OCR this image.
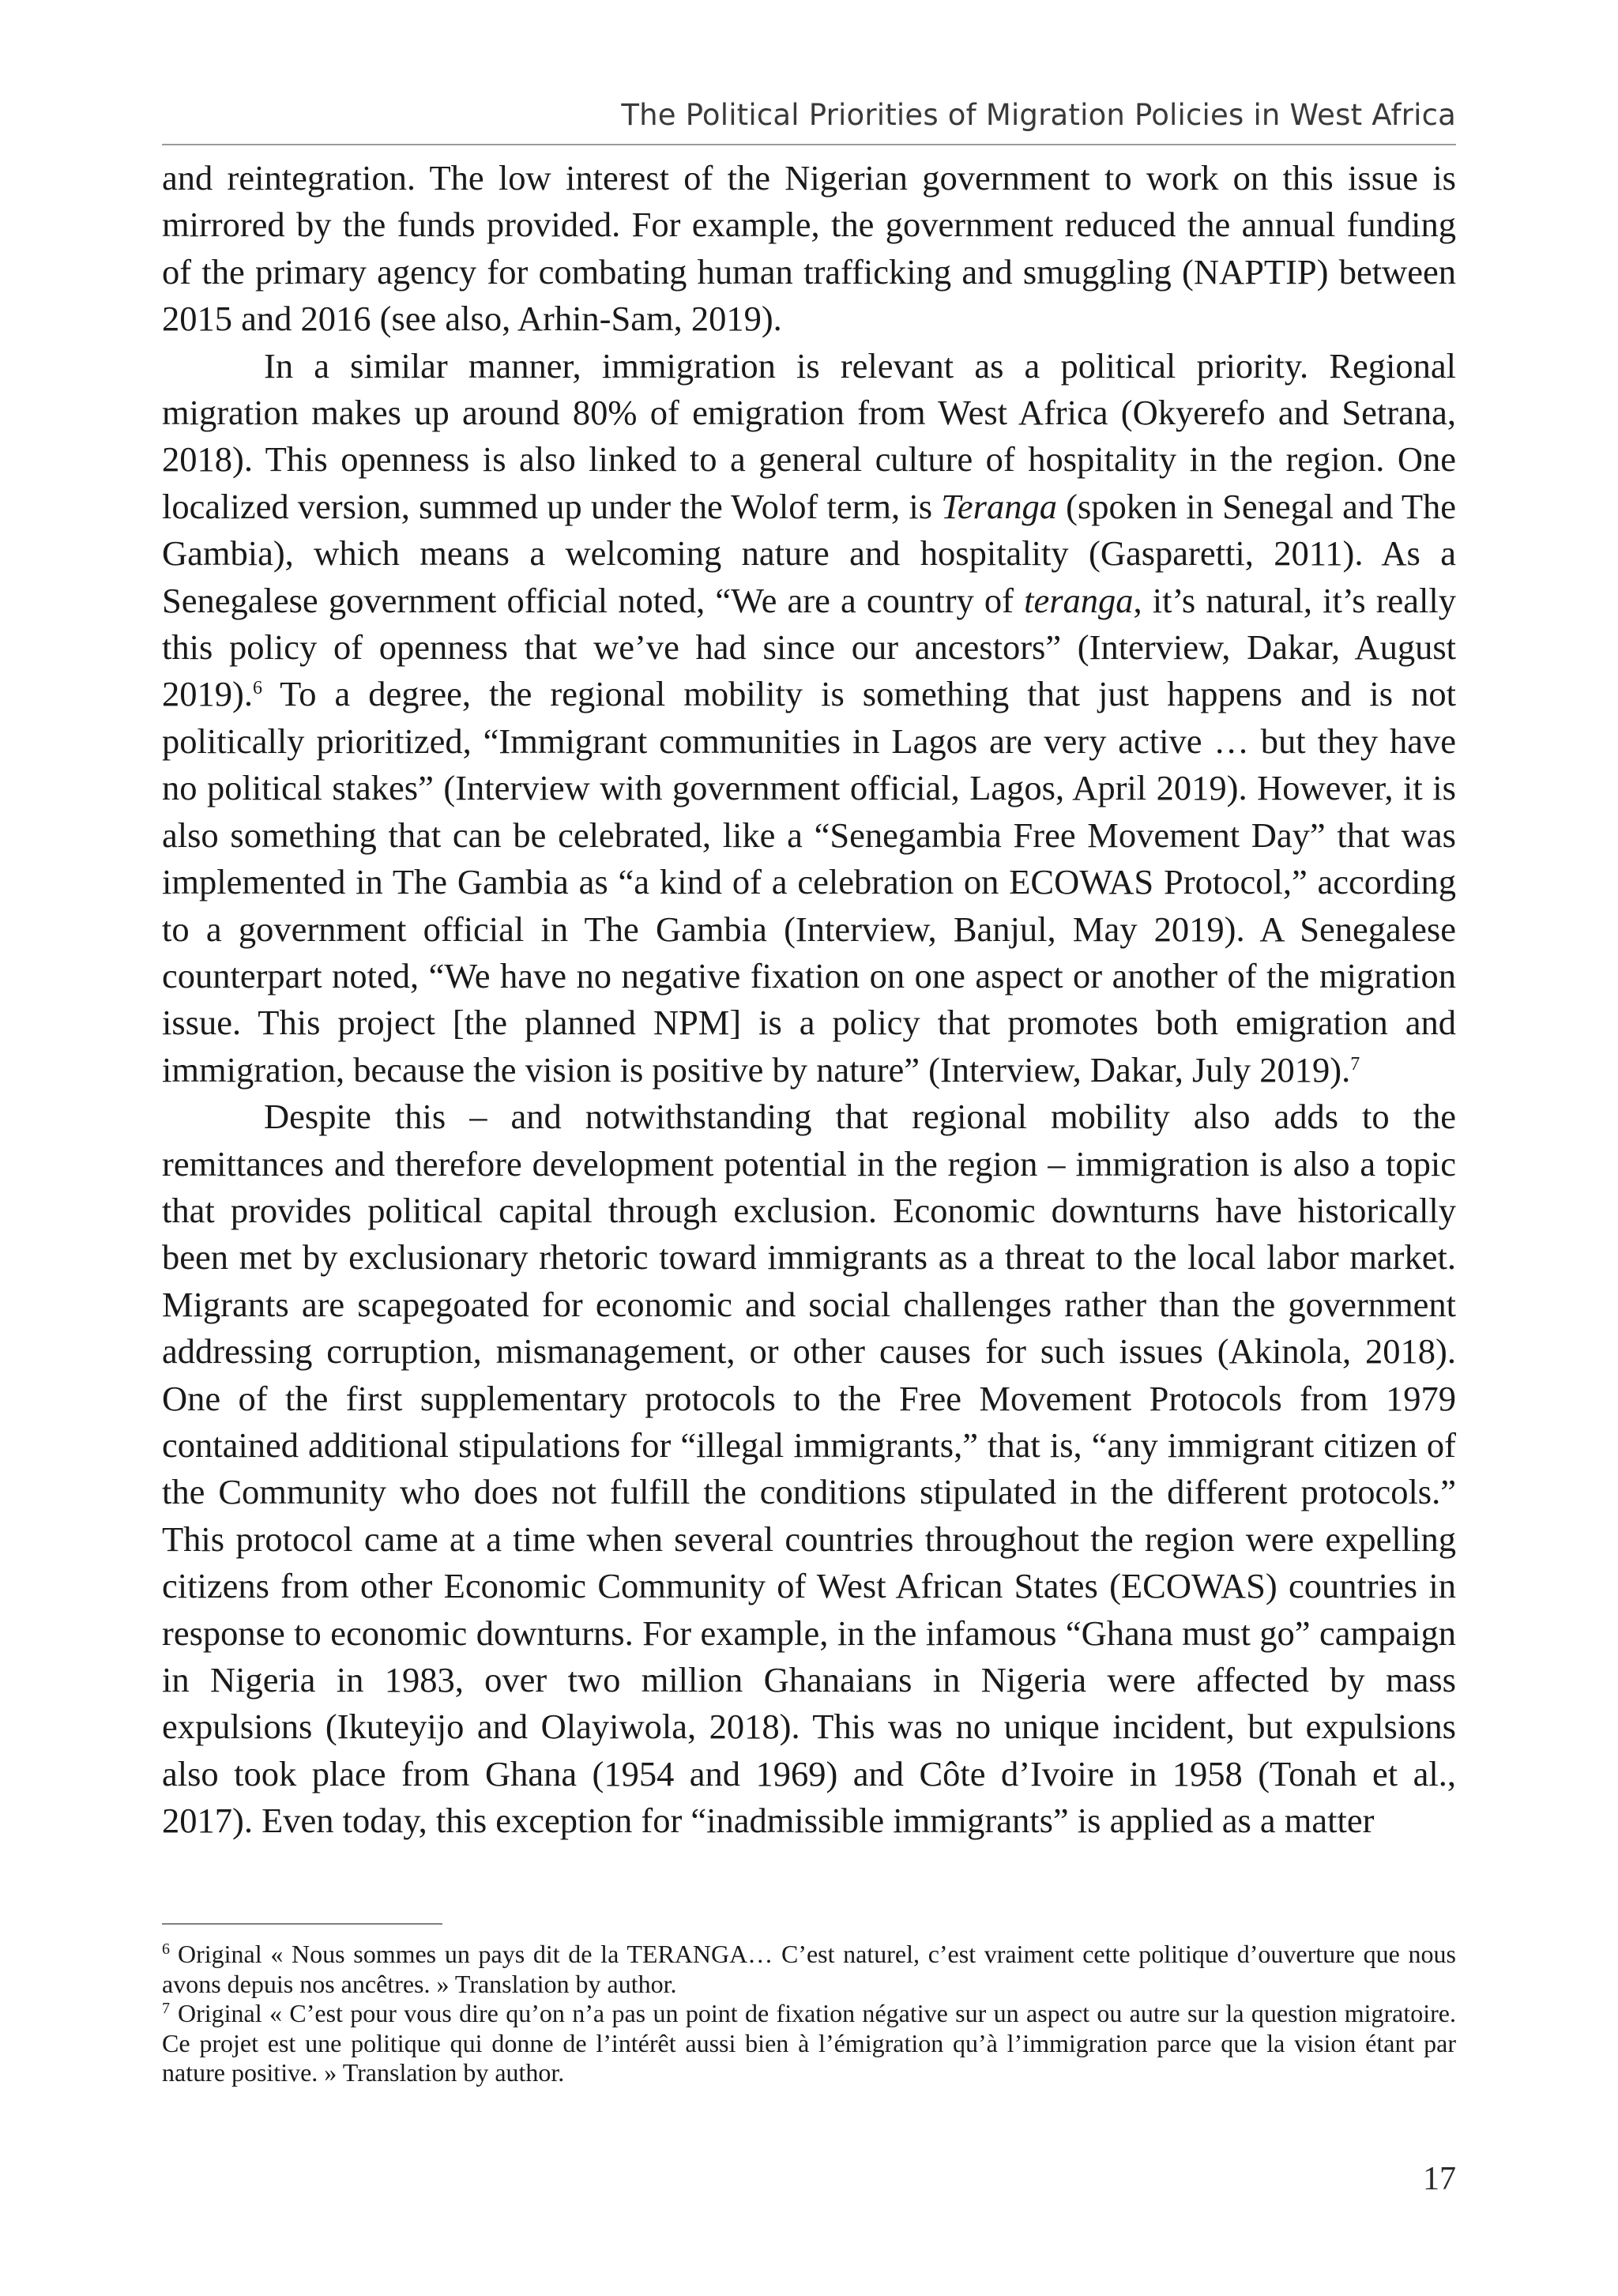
The Political Priorities of Migration Policies in West Africa

and reintegration. The low interest of the Nigerian government to work on this issue is mirrored by the funds provided. For example, the government reduced the annual funding of the primary agency for combating human trafficking and smuggling (NAPTIP) between 2015 and 2016 (see also, Arhin-Sam, 2019).

In a similar manner, immigration is relevant as a political priority. Regional migration makes up around 80% of emigration from West Africa (Okyerefo and Setrana, 2018). This openness is also linked to a general culture of hospitality in the region. One localized version, summed up under the Wolof term, is Teranga (spoken in Senegal and The Gambia), which means a welcoming nature and hospitality (Gasparetti, 2011). As a Senegalese government official noted, “We are a country of teranga, it’s natural, it’s really this policy of openness that we’ve had since our ancestors” (Interview, Dakar, August 2019).$^6$ To a degree, the regional mobility is something that just happens and is not politically prioritized, “Immigrant communities in Lagos are very active … but they have no political stakes” (Interview with government official, Lagos, April 2019). However, it is also something that can be celebrated, like a “Senegambia Free Movement Day” that was implemented in The Gambia as “a kind of a celebration on ECOWAS Protocol,” according to a government official in The Gambia (Interview, Banjul, May 2019). A Senegalese counterpart noted, “We have no negative fixation on one aspect or another of the migration issue. This project [the planned NPM] is a policy that promotes both emigration and immigration, because the vision is positive by nature” (Interview, Dakar, July 2019).$^7$

Despite this – and notwithstanding that regional mobility also adds to the remittances and therefore development potential in the region – immigration is also a topic that provides political capital through exclusion. Economic downturns have historically been met by exclusionary rhetoric toward immigrants as a threat to the local labor market. Migrants are scapegoated for economic and social challenges rather than the government addressing corruption, mismanagement, or other causes for such issues (Akinola, 2018). One of the first supplementary protocols to the Free Movement Protocols from 1979 contained additional stipulations for “illegal immigrants,” that is, “any immigrant citizen of the Community who does not fulfill the conditions stipulated in the different protocols.” This protocol came at a time when several countries throughout the region were expelling citizens from other Economic Community of West African States (ECOWAS) countries in response to economic downturns. For example, in the infamous “Ghana must go” campaign in Nigeria in 1983, over two million Ghanaians in Nigeria were affected by mass expulsions (Ikuteyijo and Olayiwola, 2018). This was no unique incident, but expulsions also took place from Ghana (1954 and 1969) and Côte d’Ivoire in 1958 (Tonah et al., 2017). Even today, this exception for “inadmissible immigrants” is applied as a matter

$^6$ Original « Nous sommes un pays dit de la TERANGA… C’est naturel, c’est vraiment cette politique d’ouverture que nous avons depuis nos ancêtres. » Translation by author.

$^7$ Original « C’est pour vous dire qu’on n’a pas un point de fixation négative sur un aspect ou autre sur la question migratoire. Ce projet est une politique qui donne de l’intérêt aussi bien à l’émigration qu’à l’immigration parce que la vision étant par nature positive. » Translation by author.

17
